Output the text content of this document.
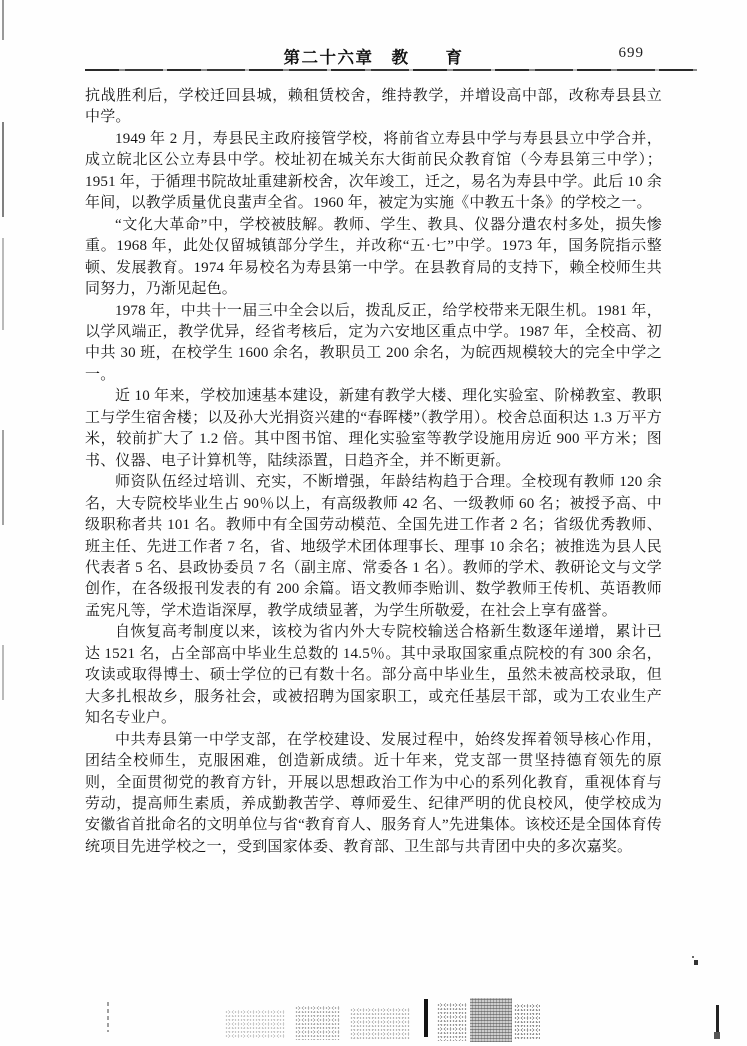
第二十六章　教　　育	699

抗战胜利后，学校迁回县城，赖租赁校舍，维持教学，并增设高中部，改称寿县县立中学。

1949 年 2 月，寿县民主政府接管学校，将前省立寿县中学与寿县县立中学合并，成立皖北区公立寿县中学。校址初在城关东大街前民众教育馆（今寿县第三中学）；1951 年，于循理书院故址重建新校舍，次年竣工，迁之，易名为寿县中学。此后 10 余年间，以教学质量优良蜚声全省。1960 年，被定为实施《中教五十条》的学校之一。

“文化大革命”中，学校被肢解。教师、学生、教具、仪器分遣农村多处，损失惨重。1968 年，此处仅留城镇部分学生，并改称“五·七”中学。1973 年，国务院指示整顿、发展教育。1974 年易校名为寿县第一中学。在县教育局的支持下，赖全校师生共同努力，乃渐见起色。

1978 年，中共十一届三中全会以后，拨乱反正，给学校带来无限生机。1981 年，以学风端正，教学优异，经省考核后，定为六安地区重点中学。1987 年，全校高、初中共 30 班，在校学生 1600 余名，教职员工 200 余名，为皖西规模较大的完全中学之一。

近 10 年来，学校加速基本建设，新建有教学大楼、理化实验室、阶梯教室、教职工与学生宿舍楼；以及孙大光捐资兴建的“春晖楼”（教学用）。校舍总面积达 1.3 万平方米，较前扩大了 1.2 倍。其中图书馆、理化实验室等教学设施用房近 900 平方米；图书、仪器、电子计算机等，陆续添置，日趋齐全，并不断更新。

师资队伍经过培训、充实，不断增强，年龄结构趋于合理。全校现有教师 120 余名，大专院校毕业生占 90％以上，有高级教师 42 名、一级教师 60 名；被授予高、中级职称者共 101 名。教师中有全国劳动模范、全国先进工作者 2 名；省级优秀教师、班主任、先进工作者 7 名，省、地级学术团体理事长、理事 10 余名；被推选为县人民代表者 5 名、县政协委员 7 名（副主席、常委各 1 名）。教师的学术、教研论文与文学创作，在各级报刊发表的有 200 余篇。语文教师李贻训、数学教师王传机、英语教师孟宪凡等，学术造诣深厚，教学成绩显著，为学生所敬爱，在社会上享有盛誉。

自恢复高考制度以来，该校为省内外大专院校输送合格新生数逐年递增，累计已达 1521 名，占全部高中毕业生总数的 14.5％。其中录取国家重点院校的有 300 余名，攻读或取得博士、硕士学位的已有数十名。部分高中毕业生，虽然未被高校录取，但大多扎根故乡，服务社会，或被招聘为国家职工，或充任基层干部，或为工农业生产知名专业户。

中共寿县第一中学支部，在学校建设、发展过程中，始终发挥着领导核心作用，团结全校师生，克服困难，创造新成绩。近十年来，党支部一贯坚持德育领先的原则，全面贯彻党的教育方针，开展以思想政治工作为中心的系列化教育，重视体育与劳动，提高师生素质，养成勤教苦学、尊师爱生、纪律严明的优良校风，使学校成为安徽省首批命名的文明单位与省“教育育人、服务育人”先进集体。该校还是全国体育传统项目先进学校之一，受到国家体委、教育部、卫生部与共青团中央的多次嘉奖。
